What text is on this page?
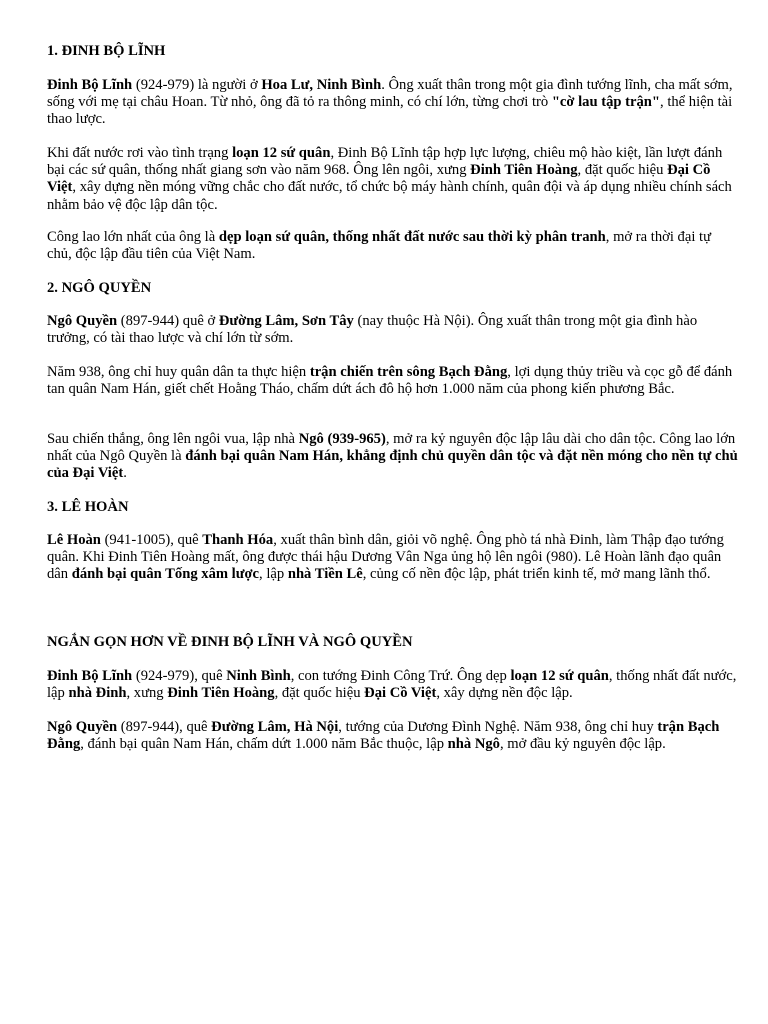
1. ĐINH BỘ LĨNH

Đinh Bộ Lĩnh (924-979) là người ở Hoa Lư, Ninh Bình. Ông xuất thân trong một gia đình tướng lĩnh, cha mất sớm, sống với mẹ tại châu Hoan. Từ nhỏ, ông đã tỏ ra thông minh, có chí lớn, từng chơi trò "cờ lau tập trận", thể hiện tài thao lược.

Khi đất nước rơi vào tình trạng loạn 12 sứ quân, Đinh Bộ Lĩnh tập hợp lực lượng, chiêu mộ hào kiệt, lần lượt đánh bại các sứ quân, thống nhất giang sơn vào năm 968. Ông lên ngôi, xưng Đinh Tiên Hoàng, đặt quốc hiệu Đại Cồ Việt, xây dựng nền móng vững chắc cho đất nước, tổ chức bộ máy hành chính, quân đội và áp dụng nhiều chính sách nhằm bảo vệ độc lập dân tộc.

Công lao lớn nhất của ông là dẹp loạn sứ quân, thống nhất đất nước sau thời kỳ phân tranh, mở ra thời đại tự chủ, độc lập đầu tiên của Việt Nam.

2. NGÔ QUYỀN

Ngô Quyền (897-944) quê ở Đường Lâm, Sơn Tây (nay thuộc Hà Nội). Ông xuất thân trong một gia đình hào trưởng, có tài thao lược và chí lớn từ sớm.

Năm 938, ông chỉ huy quân dân ta thực hiện trận chiến trên sông Bạch Đằng, lợi dụng thủy triều và cọc gỗ để đánh tan quân Nam Hán, giết chết Hoằng Tháo, chấm dứt ách đô hộ hơn 1.000 năm của phong kiến phương Bắc.

Sau chiến thắng, ông lên ngôi vua, lập nhà Ngô (939-965), mở ra kỷ nguyên độc lập lâu dài cho dân tộc. Công lao lớn nhất của Ngô Quyền là đánh bại quân Nam Hán, khẳng định chủ quyền dân tộc và đặt nền móng cho nền tự chủ của Đại Việt.

3. LÊ HOÀN

Lê Hoàn (941-1005), quê Thanh Hóa, xuất thân bình dân, giỏi võ nghệ. Ông phò tá nhà Đinh, làm Thập đạo tướng quân. Khi Đinh Tiên Hoàng mất, ông được thái hậu Dương Vân Nga ủng hộ lên ngôi (980). Lê Hoàn lãnh đạo quân dân đánh bại quân Tống xâm lược, lập nhà Tiền Lê, củng cố nền độc lập, phát triển kinh tế, mở mang lãnh thổ.

NGẮN GỌN HƠN VỀ ĐINH BỘ LĨNH VÀ NGÔ QUYỀN

Đinh Bộ Lĩnh (924-979), quê Ninh Bình, con tướng Đinh Công Trứ. Ông dẹp loạn 12 sứ quân, thống nhất đất nước, lập nhà Đinh, xưng Đinh Tiên Hoàng, đặt quốc hiệu Đại Cồ Việt, xây dựng nền độc lập.

Ngô Quyền (897-944), quê Đường Lâm, Hà Nội, tướng của Dương Đình Nghệ. Năm 938, ông chỉ huy trận Bạch Đằng, đánh bại quân Nam Hán, chấm dứt 1.000 năm Bắc thuộc, lập nhà Ngô, mở đầu kỷ nguyên độc lập.
